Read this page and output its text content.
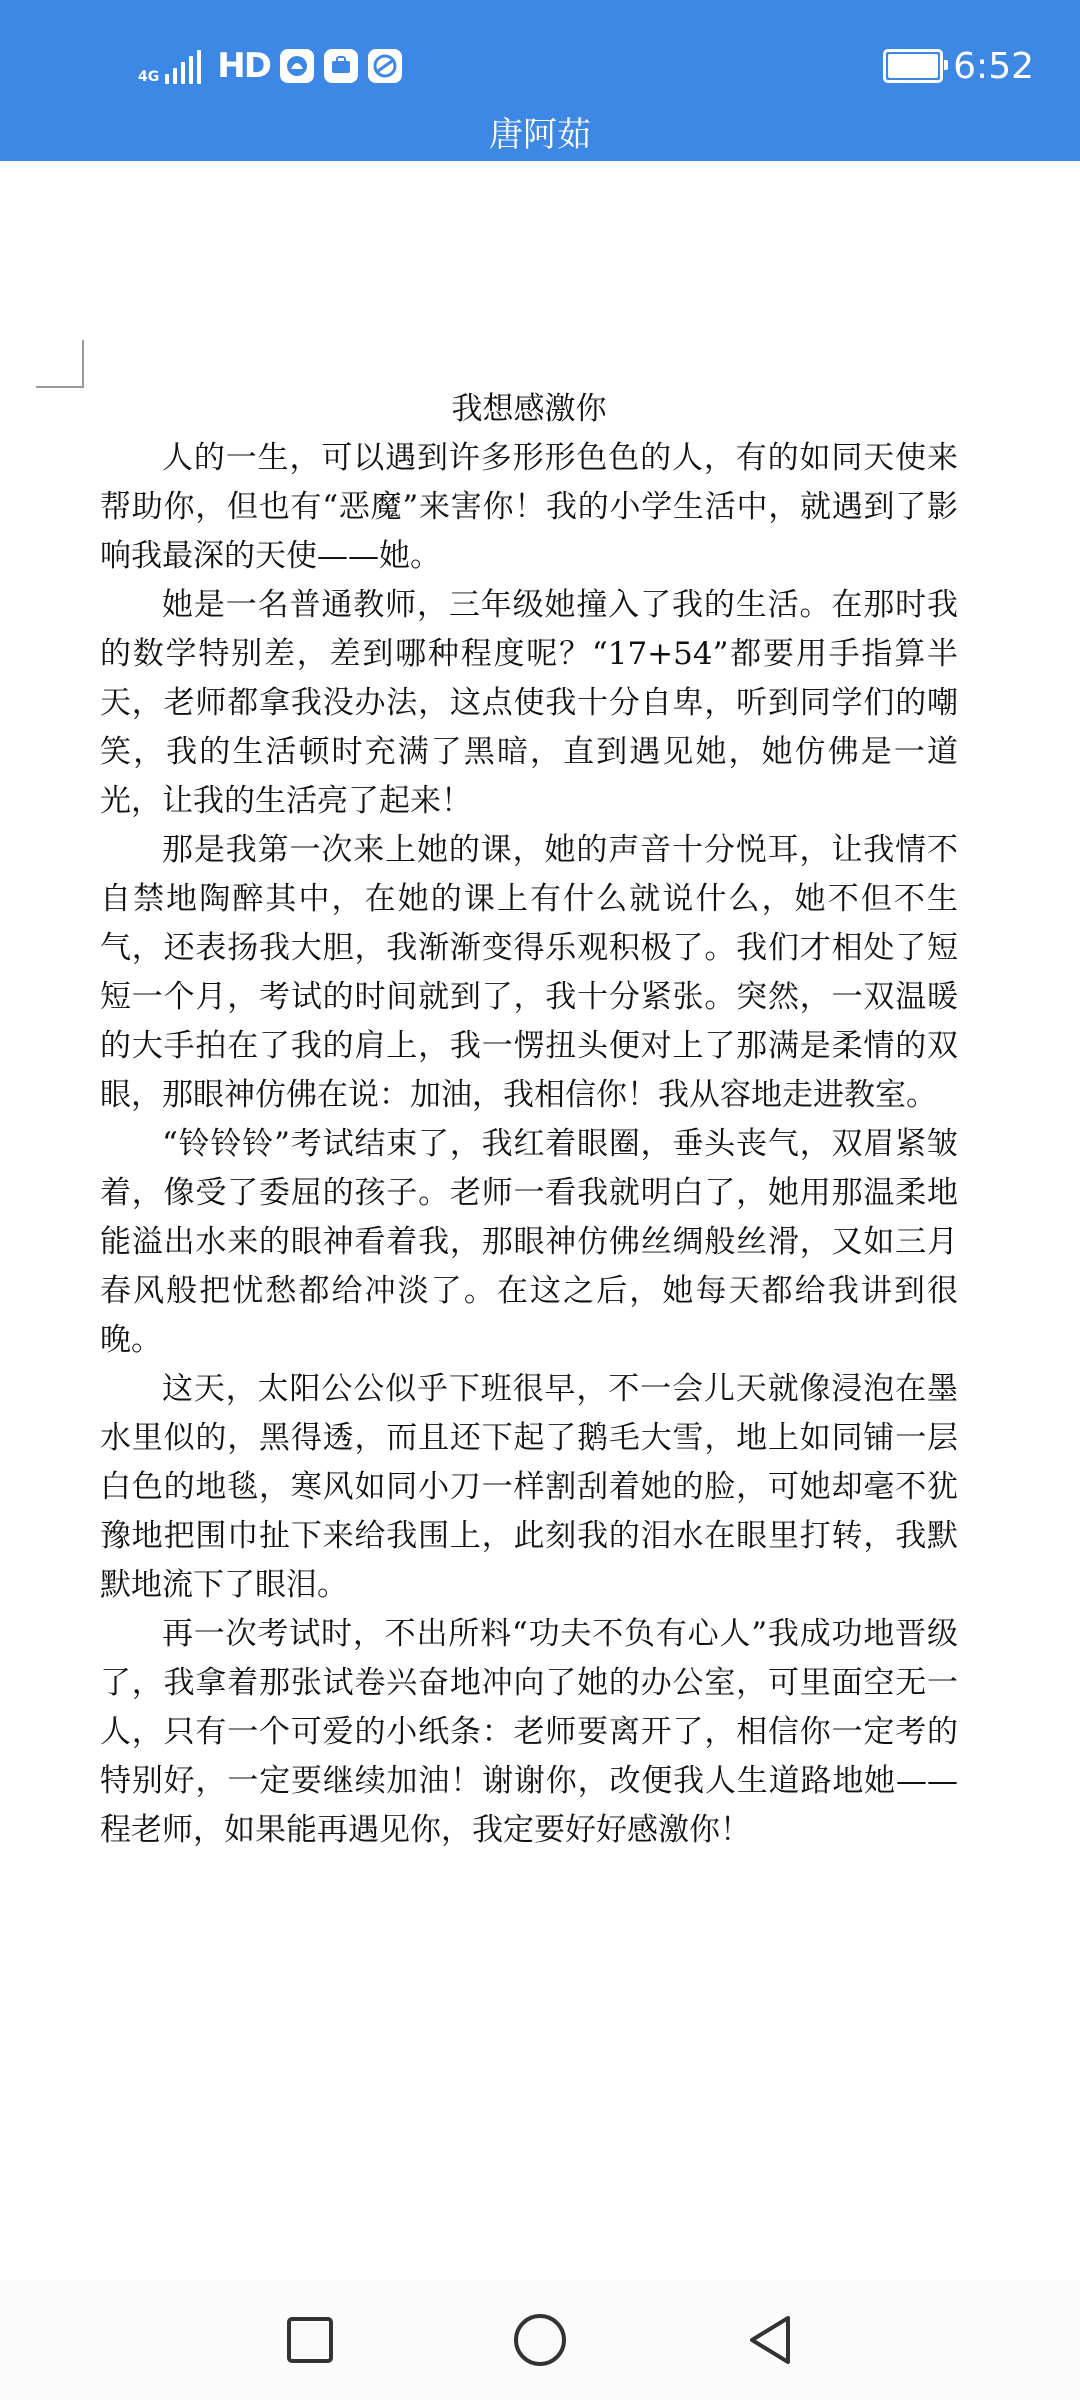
4G HD	6:52
唐阿茹

我想感激你

人的一生，可以遇到许多形形色色的人，有的如同天使来帮助你，但也有“恶魔”来害你！我的小学生活中，就遇到了影响我最深的天使——她。

她是一名普通教师，三年级她撞入了我的生活。在那时我的数学特别差，差到哪种程度呢？“17+54”都要用手指算半天，老师都拿我没办法，这点使我十分自卑，听到同学们的嘲笑，我的生活顿时充满了黑暗，直到遇见她，她仿佛是一道光，让我的生活亮了起来！

那是我第一次来上她的课，她的声音十分悦耳，让我情不自禁地陶醉其中，在她的课上有什么就说什么，她不但不生气，还表扬我大胆，我渐渐变得乐观积极了。我们才相处了短短一个月，考试的时间就到了，我十分紧张。突然，一双温暖的大手拍在了我的肩上，我一愣扭头便对上了那满是柔情的双眼，那眼神仿佛在说：加油，我相信你！我从容地走进教室。

“铃铃铃”考试结束了，我红着眼圈，垂头丧气，双眉紧皱着，像受了委屈的孩子。老师一看我就明白了，她用那温柔地能溢出水来的眼神看着我，那眼神仿佛丝绸般丝滑，又如三月春风般把忧愁都给冲淡了。在这之后，她每天都给我讲到很晚。

这天，太阳公公似乎下班很早，不一会儿天就像浸泡在墨水里似的，黑得透，而且还下起了鹅毛大雪，地上如同铺一层白色的地毯，寒风如同小刀一样割刮着她的脸，可她却毫不犹豫地把围巾扯下来给我围上，此刻我的泪水在眼里打转，我默默地流下了眼泪。

再一次考试时，不出所料“功夫不负有心人”我成功地晋级了，我拿着那张试卷兴奋地冲向了她的办公室，可里面空无一人，只有一个可爱的小纸条：老师要离开了，相信你一定考的特别好，一定要继续加油！谢谢你，改便我人生道路地她——程老师，如果能再遇见你，我定要好好感激你！
